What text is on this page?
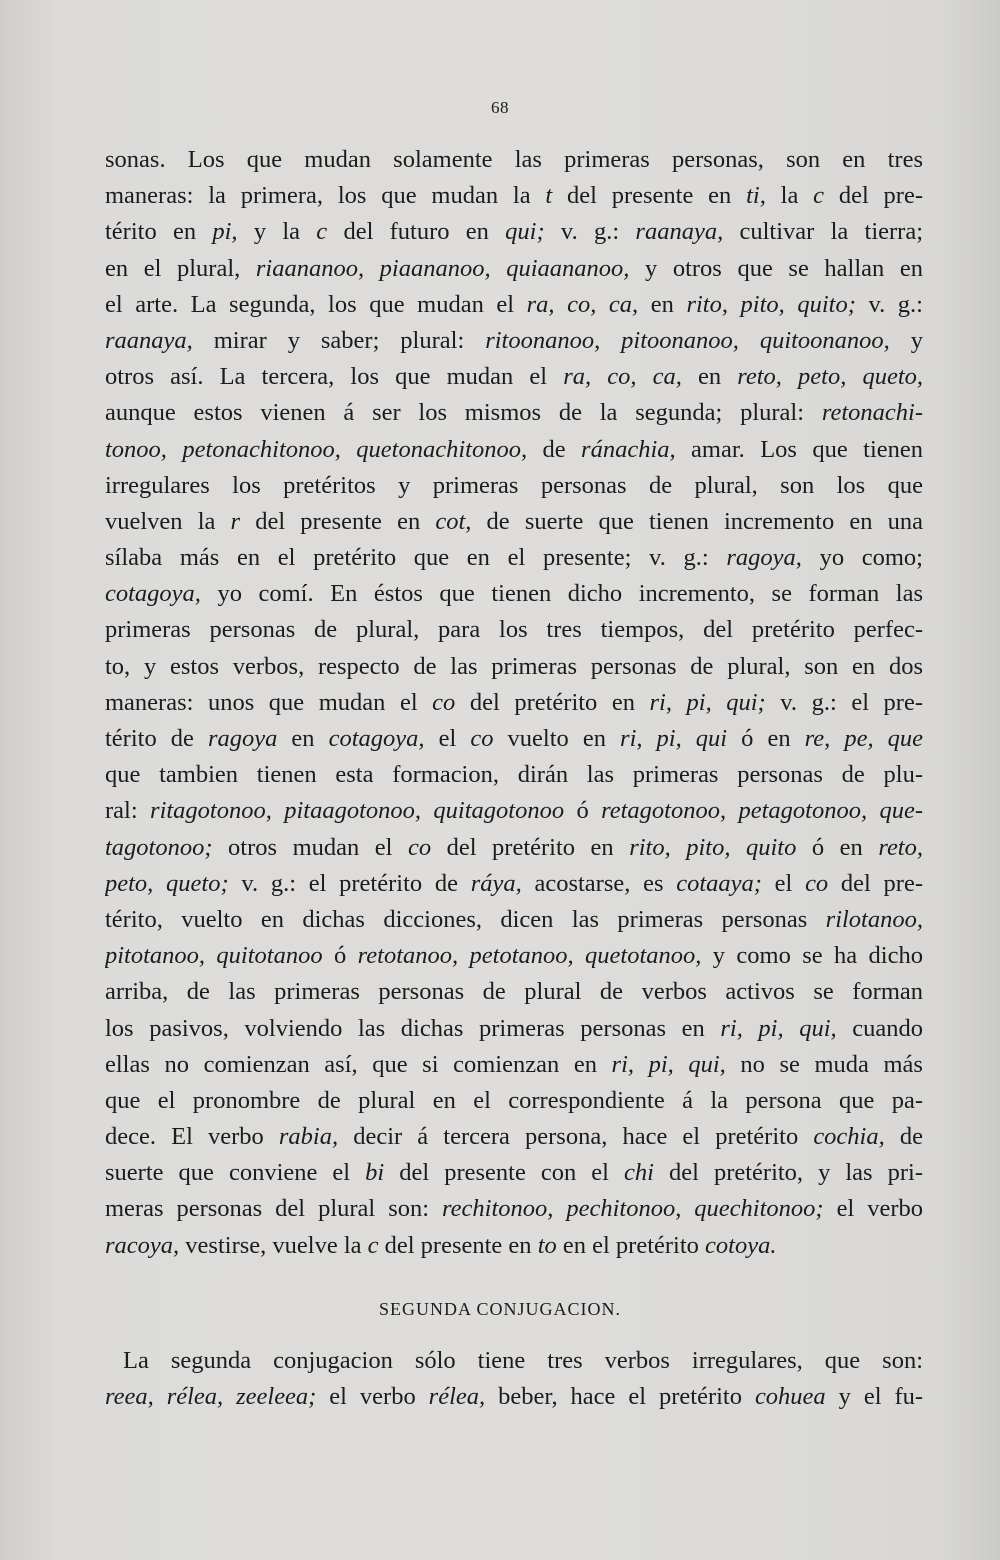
68
sonas. Los que mudan solamente las primeras personas, son en tres
maneras: la primera, los que mudan la t del presente en ti, la c del pre-
térito en pi, y la c del futuro en qui; v. g.: raanaya, cultivar la tierra;
en el plural, riaananoo, piaananoo, quiaananoo, y otros que se hallan en
el arte. La segunda, los que mudan el ra, co, ca, en rito, pito, quito; v. g.:
raanaya, mirar y saber; plural: ritoonanoo, pitoonanoo, quitoonanoo, y
otros así. La tercera, los que mudan el ra, co, ca, en reto, peto, queto,
aunque estos vienen á ser los mismos de la segunda; plural: retonachi-
tonoo, petonachitonoo, quetonachitonoo, de ránachia, amar. Los que tienen
irregulares los pretéritos y primeras personas de plural, son los que
vuelven la r del presente en cot, de suerte que tienen incremento en una
sílaba más en el pretérito que en el presente; v. g.: ragoya, yo como;
cotagoya, yo comí. En éstos que tienen dicho incremento, se forman las
primeras personas de plural, para los tres tiempos, del pretérito perfec-
to, y estos verbos, respecto de las primeras personas de plural, son en dos
maneras: unos que mudan el co del pretérito en ri, pi, qui; v. g.: el pre-
térito de ragoya en cotagoya, el co vuelto en ri, pi, qui ó en re, pe, que
que tambien tienen esta formacion, dirán las primeras personas de plu-
ral: ritagotonoo, pitaagotonoo, quitagotonoo ó retagotonoo, petagotonoo, que-
tagotonoo; otros mudan el co del pretérito en rito, pito, quito ó en reto,
peto, queto; v. g.: el pretérito de ráya, acostarse, es cotaaya; el co del pre-
térito, vuelto en dichas dicciones, dicen las primeras personas rilotanoo,
pitotanoo, quitotanoo ó retotanoo, petotanoo, quetotanoo, y como se ha dicho
arriba, de las primeras personas de plural de verbos activos se forman
los pasivos, volviendo las dichas primeras personas en ri, pi, qui, cuando
ellas no comienzan así, que si comienzan en ri, pi, qui, no se muda más
que el pronombre de plural en el correspondiente á la persona que pa-
dece. El verbo rabia, decir á tercera persona, hace el pretérito cochia, de
suerte que conviene el bi del presente con el chi del pretérito, y las pri-
meras personas del plural son: rechitonoo, pechitonoo, quechitonoo; el verbo
racoya, vestirse, vuelve la c del presente en to en el pretérito cotoya.
SEGUNDA CONJUGACION.
La segunda conjugacion sólo tiene tres verbos irregulares, que son:
reea, rélea, zeeleea; el verbo rélea, beber, hace el pretérito cohuea y el fu-
